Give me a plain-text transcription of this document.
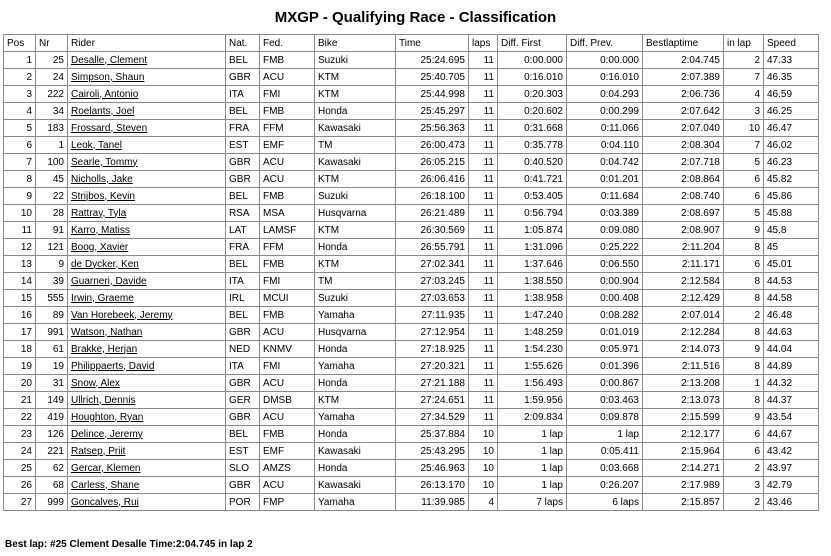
MXGP - Qualifying Race - Classification
Pos	Nr	Rider	Nat.	Fed.	Bike	Time	laps	Diff. First	Diff. Prev.	Bestlaptime	in lap	Speed
1	25	Desalle, Clement	BEL	FMB	Suzuki	25:24.695	11	0:00.000	0:00.000	2:04.745	2	47.33
2	24	Simpson, Shaun	GBR	ACU	KTM	25:40.705	11	0:16.010	0:16.010	2:07.389	7	46.35
3	222	Cairoli, Antonio	ITA	FMI	KTM	25:44.998	11	0:20.303	0:04.293	2:06.736	4	46.59
4	34	Roelants, Joel	BEL	FMB	Honda	25:45.297	11	0:20.602	0:00.299	2:07.642	3	46.25
5	183	Frossard, Steven	FRA	FFM	Kawasaki	25:56.363	11	0:31.668	0:11.066	2:07.040	10	46.47
6	1	Leok, Tanel	EST	EMF	TM	26:00.473	11	0:35.778	0:04.110	2:08.304	7	46.02
7	100	Searle, Tommy	GBR	ACU	Kawasaki	26:05.215	11	0:40.520	0:04.742	2:07.718	5	46.23
8	45	Nicholls, Jake	GBR	ACU	KTM	26:06.416	11	0:41.721	0:01.201	2:08.864	6	45.82
9	22	Strijbos, Kevin	BEL	FMB	Suzuki	26:18.100	11	0:53.405	0:11.684	2:08.740	6	45.86
10	28	Rattray, Tyla	RSA	MSA	Husqvarna	26:21.489	11	0:56.794	0:03.389	2:08.697	5	45.88
11	91	Karro, Matiss	LAT	LAMSF	KTM	26:30.569	11	1:05.874	0:09.080	2:08.907	9	45.8
12	121	Boog, Xavier	FRA	FFM	Honda	26:55.791	11	1:31.096	0:25.222	2:11.204	8	45
13	9	de Dycker, Ken	BEL	FMB	KTM	27:02.341	11	1:37.646	0:06.550	2:11.171	6	45.01
14	39	Guarneri, Davide	ITA	FMI	TM	27:03.245	11	1:38.550	0:00.904	2:12.584	8	44.53
15	555	Irwin, Graeme	IRL	MCUI	Suzuki	27:03.653	11	1:38.958	0:00.408	2:12.429	8	44.58
16	89	Van Horebeek, Jeremy	BEL	FMB	Yamaha	27:11.935	11	1:47.240	0:08.282	2:07.014	2	46.48
17	991	Watson, Nathan	GBR	ACU	Husqvarna	27:12.954	11	1:48.259	0:01.019	2:12.284	8	44.63
18	61	Brakke, Herjan	NED	KNMV	Honda	27:18.925	11	1:54.230	0:05.971	2:14.073	9	44.04
19	19	Philippaerts, David	ITA	FMI	Yamaha	27:20.321	11	1:55.626	0:01.396	2:11.516	8	44.89
20	31	Snow, Alex	GBR	ACU	Honda	27:21.188	11	1:56.493	0:00.867	2:13.208	1	44.32
21	149	Ullrich, Dennis	GER	DMSB	KTM	27:24.651	11	1:59.956	0:03.463	2:13.073	8	44.37
22	419	Houghton, Ryan	GBR	ACU	Yamaha	27:34.529	11	2:09.834	0:09.878	2:15.599	9	43.54
23	126	Delince, Jeremy	BEL	FMB	Honda	25:37.884	10	1 lap	1 lap	2:12.177	6	44.67
24	221	Ratsep, Priit	EST	EMF	Kawasaki	25:43.295	10	1 lap	0:05.411	2:15.964	6	43.42
25	62	Gercar, Klemen	SLO	AMZS	Honda	25:46.963	10	1 lap	0:03.668	2:14.271	2	43.97
26	68	Carless, Shane	GBR	ACU	Kawasaki	26:13.170	10	1 lap	0:26.207	2:17.989	3	42.79
27	999	Goncalves, Rui	POR	FMP	Yamaha	11:39.985	4	7 laps	6 laps	2:15.857	2	43.46
Best lap: #25 Clement Desalle Time:2:04.745 in lap 2
